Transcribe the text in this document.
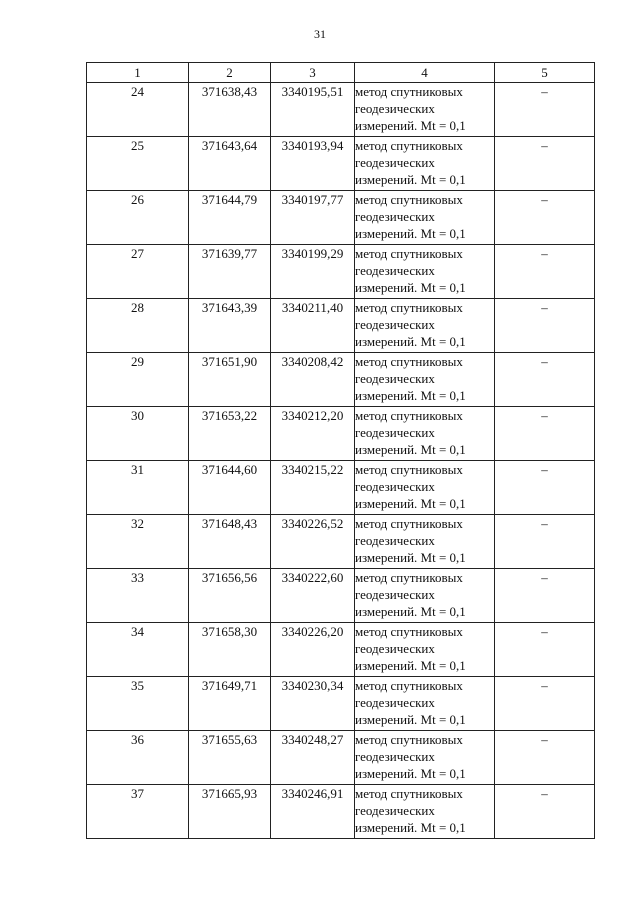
31
1	2	3	4	5
24	371638,43	3340195,51	метод спутниковых
геодезических
измерений. Mt = 0,1	–
25	371643,64	3340193,94	метод спутниковых
геодезических
измерений. Mt = 0,1	–
26	371644,79	3340197,77	метод спутниковых
геодезических
измерений. Mt = 0,1	–
27	371639,77	3340199,29	метод спутниковых
геодезических
измерений. Mt = 0,1	–
28	371643,39	3340211,40	метод спутниковых
геодезических
измерений. Mt = 0,1	–
29	371651,90	3340208,42	метод спутниковых
геодезических
измерений. Mt = 0,1	–
30	371653,22	3340212,20	метод спутниковых
геодезических
измерений. Mt = 0,1	–
31	371644,60	3340215,22	метод спутниковых
геодезических
измерений. Mt = 0,1	–
32	371648,43	3340226,52	метод спутниковых
геодезических
измерений. Mt = 0,1	–
33	371656,56	3340222,60	метод спутниковых
геодезических
измерений. Mt = 0,1	–
34	371658,30	3340226,20	метод спутниковых
геодезических
измерений. Mt = 0,1	–
35	371649,71	3340230,34	метод спутниковых
геодезических
измерений. Mt = 0,1	–
36	371655,63	3340248,27	метод спутниковых
геодезических
измерений. Mt = 0,1	–
37	371665,93	3340246,91	метод спутниковых
геодезических
измерений. Mt = 0,1	–
